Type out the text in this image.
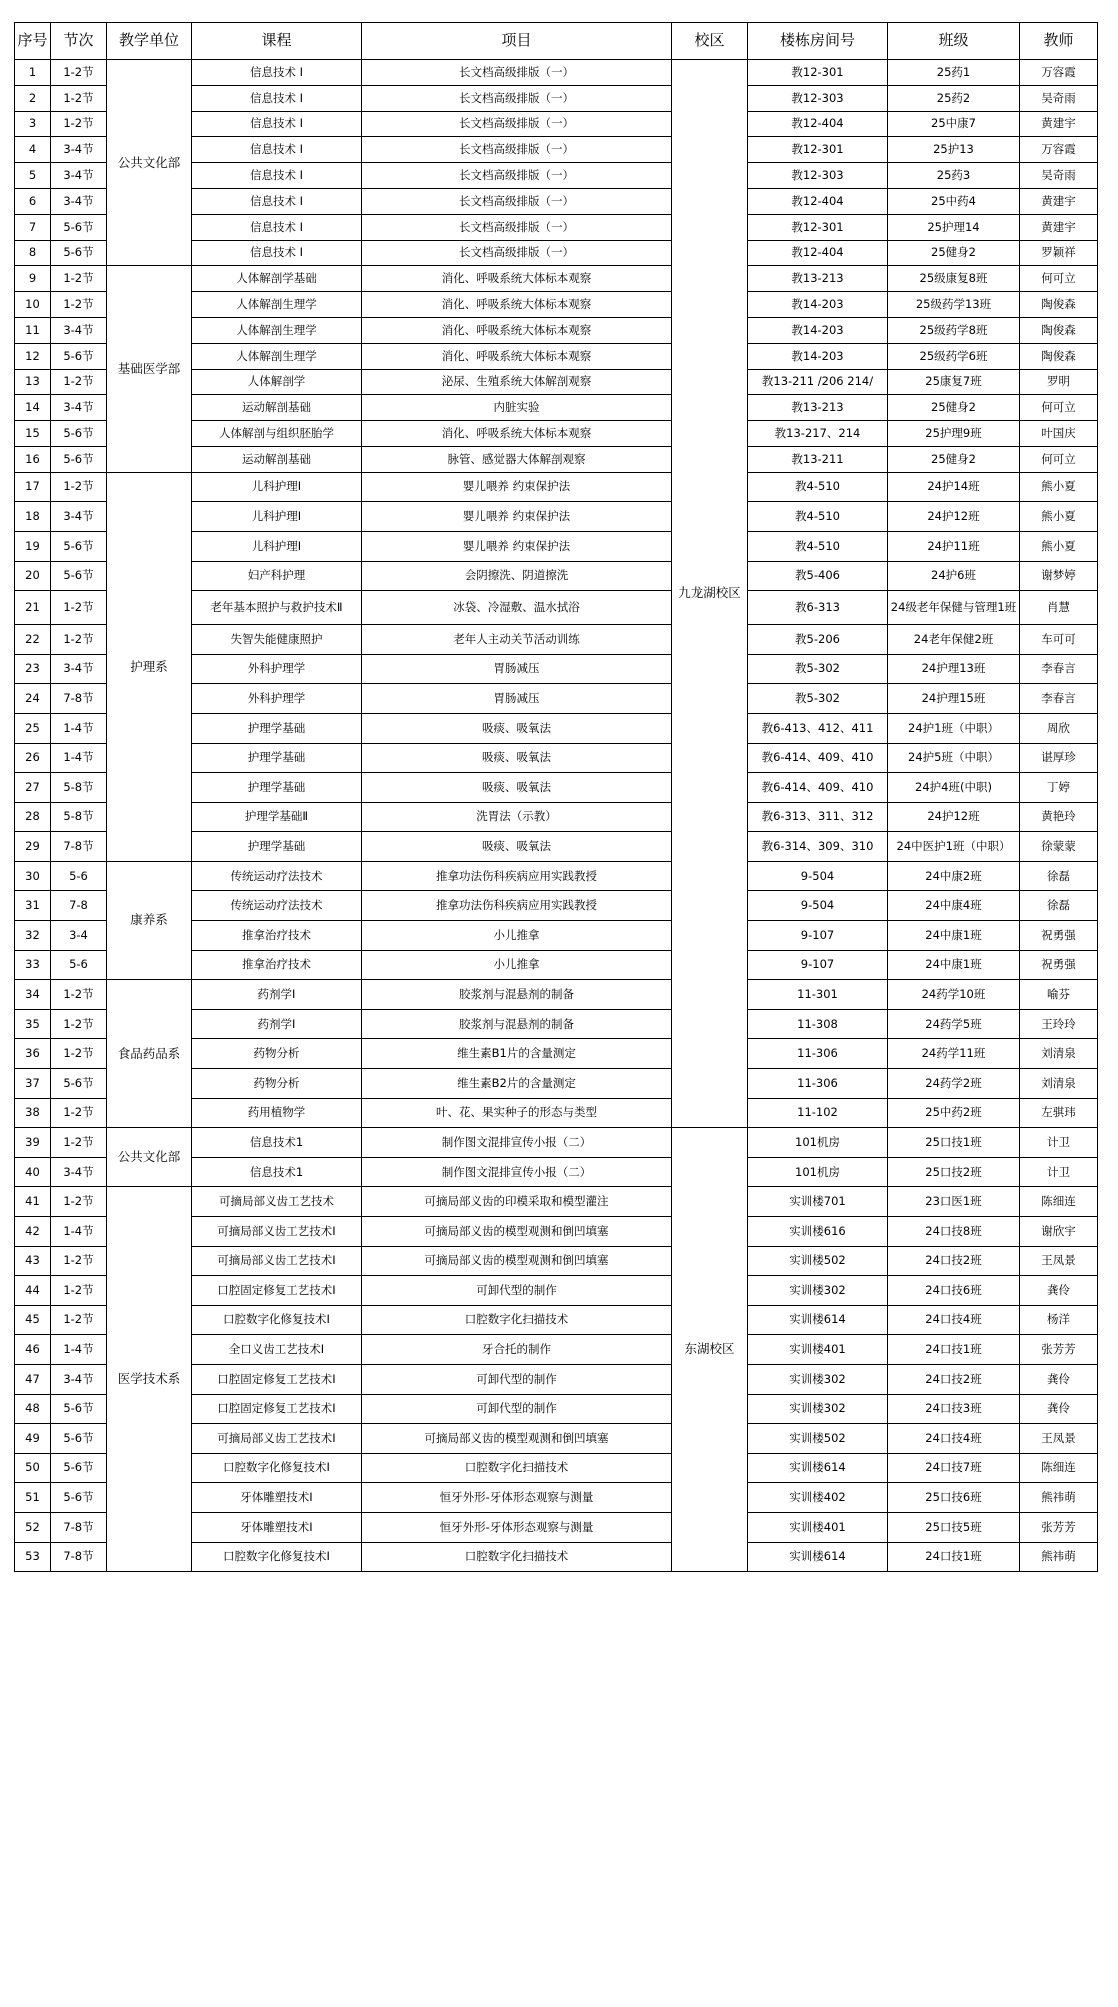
序号	节次	教学单位	课程	项目	校区	楼栋房间号	班级	教师
1	1-2节	公共文化部	信息技术 I	长文档高级排版（一）	九龙湖校区	教12-301	25药1	万容霞
2	1-2节		信息技术 I	长文档高级排版（一）		教12-303	25药2	吴奇雨
3	1-2节		信息技术 I	长文档高级排版（一）		教12-404	25中康7	黄建宇
4	3-4节		信息技术 I	长文档高级排版（一）		教12-301	25护13	万容霞
5	3-4节		信息技术 I	长文档高级排版（一）		教12-303	25药3	吴奇雨
6	3-4节		信息技术 I	长文档高级排版（一）		教12-404	25中药4	黄建宇
7	5-6节		信息技术 I	长文档高级排版（一）		教12-301	25护理14	黄建宇
8	5-6节		信息技术 I	长文档高级排版（一）		教12-404	25健身2	罗颖祥
9	1-2节	基础医学部	人体解剖学基础	消化、呼吸系统大体标本观察		教13-213	25级康复8班	何可立
10	1-2节		人体解剖生理学	消化、呼吸系统大体标本观察		教14-203	25级药学13班	陶俊森
11	3-4节		人体解剖生理学	消化、呼吸系统大体标本观察		教14-203	25级药学8班	陶俊森
12	5-6节		人体解剖生理学	消化、呼吸系统大体标本观察		教14-203	25级药学6班	陶俊森
13	1-2节		人体解剖学	泌尿、生殖系统大体解剖观察		教13-211 /206 214/	25康复7班	罗明
14	3-4节		运动解剖基础	内脏实验		教13-213	25健身2	何可立
15	5-6节		人体解剖与组织胚胎学	消化、呼吸系统大体标本观察		教13-217、214	25护理9班	叶国庆
16	5-6节		运动解剖基础	脉管、感觉器大体解剖观察		教13-211	25健身2	何可立
17	1-2节	护理系	儿科护理I	婴儿喂养 约束保护法		教4-510	24护14班	熊小夏
18	3-4节		儿科护理I	婴儿喂养 约束保护法		教4-510	24护12班	熊小夏
19	5-6节		儿科护理I	婴儿喂养 约束保护法		教4-510	24护11班	熊小夏
20	5-6节		妇产科护理	会阴擦洗、阴道擦洗		教5-406	24护6班	谢梦婷
21	1-2节		老年基本照护与救护技术Ⅱ	冰袋、冷湿敷、温水拭浴		教6-313	24级老年保健与管理1班	肖慧
22	1-2节		失智失能健康照护	老年人主动关节活动训练		教5-206	24老年保健2班	车可可
23	3-4节		外科护理学	胃肠减压		教5-302	24护理13班	李春言
24	7-8节		外科护理学	胃肠减压		教5-302	24护理15班	李春言
25	1-4节		护理学基础	吸痰、吸氧法		教6-413、412、411	24护1班（中职）	周欣
26	1-4节		护理学基础	吸痰、吸氧法		教6-414、409、410	24护5班（中职）	谌厚珍
27	5-8节		护理学基础	吸痰、吸氧法		教6-414、409、410	24护4班(中职)	丁婷
28	5-8节		护理学基础Ⅱ	洗胃法（示教）		教6-313、311、312	24护12班	黄艳玲
29	7-8节		护理学基础	吸痰、吸氧法		教6-314、309、310	24中医护1班（中职）	徐蒙蒙
30	5-6	康养系	传统运动疗法技术	推拿功法伤科疾病应用实践教授		9-504	24中康2班	徐磊
31	7-8		传统运动疗法技术	推拿功法伤科疾病应用实践教授		9-504	24中康4班	徐磊
32	3-4		推拿治疗技术	小儿推拿		9-107	24中康1班	祝勇强
33	5-6		推拿治疗技术	小儿推拿		9-107	24中康1班	祝勇强
34	1-2节	食品药品系	药剂学I	胶浆剂与混悬剂的制备		11-301	24药学10班	喻芬
35	1-2节		药剂学I	胶浆剂与混悬剂的制备		11-308	24药学5班	王玲玲
36	1-2节		药物分析	维生素B1片的含量测定		11-306	24药学11班	刘清泉
37	5-6节		药物分析	维生素B2片的含量测定		11-306	24药学2班	刘清泉
38	1-2节		药用植物学	叶、花、果实种子的形态与类型		11-102	25中药2班	左骐玮
39	1-2节	公共文化部	信息技术1	制作图文混排宣传小报（二）	东湖校区	101机房	25口技1班	计卫
40	3-4节		信息技术1	制作图文混排宣传小报（二）		101机房	25口技2班	计卫
41	1-2节	医学技术系	可摘局部义齿工艺技术	可摘局部义齿的印模采取和模型灌注		实训楼701	23口医1班	陈细连
42	1-4节		可摘局部义齿工艺技术I	可摘局部义齿的模型观测和倒凹填塞		实训楼616	24口技8班	谢欣宇
43	1-2节		可摘局部义齿工艺技术I	可摘局部义齿的模型观测和倒凹填塞		实训楼502	24口技2班	王凤景
44	1-2节		口腔固定修复工艺技术I	可卸代型的制作		实训楼302	24口技6班	龚伶
45	1-2节		口腔数字化修复技术I	口腔数字化扫描技术		实训楼614	24口技4班	杨洋
46	1-4节		全口义齿工艺技术I	牙合托的制作		实训楼401	24口技1班	张芳芳
47	3-4节		口腔固定修复工艺技术I	可卸代型的制作		实训楼302	24口技2班	龚伶
48	5-6节		口腔固定修复工艺技术I	可卸代型的制作		实训楼302	24口技3班	龚伶
49	5-6节		可摘局部义齿工艺技术I	可摘局部义齿的模型观测和倒凹填塞		实训楼502	24口技4班	王凤景
50	5-6节		口腔数字化修复技术I	口腔数字化扫描技术		实训楼614	24口技7班	陈细连
51	5-6节		牙体雕塑技术I	恒牙外形-牙体形态观察与测量		实训楼402	25口技6班	熊祎萌
52	7-8节		牙体雕塑技术I	恒牙外形-牙体形态观察与测量		实训楼401	25口技5班	张芳芳
53	7-8节		口腔数字化修复技术I	口腔数字化扫描技术		实训楼614	24口技1班	熊祎萌
